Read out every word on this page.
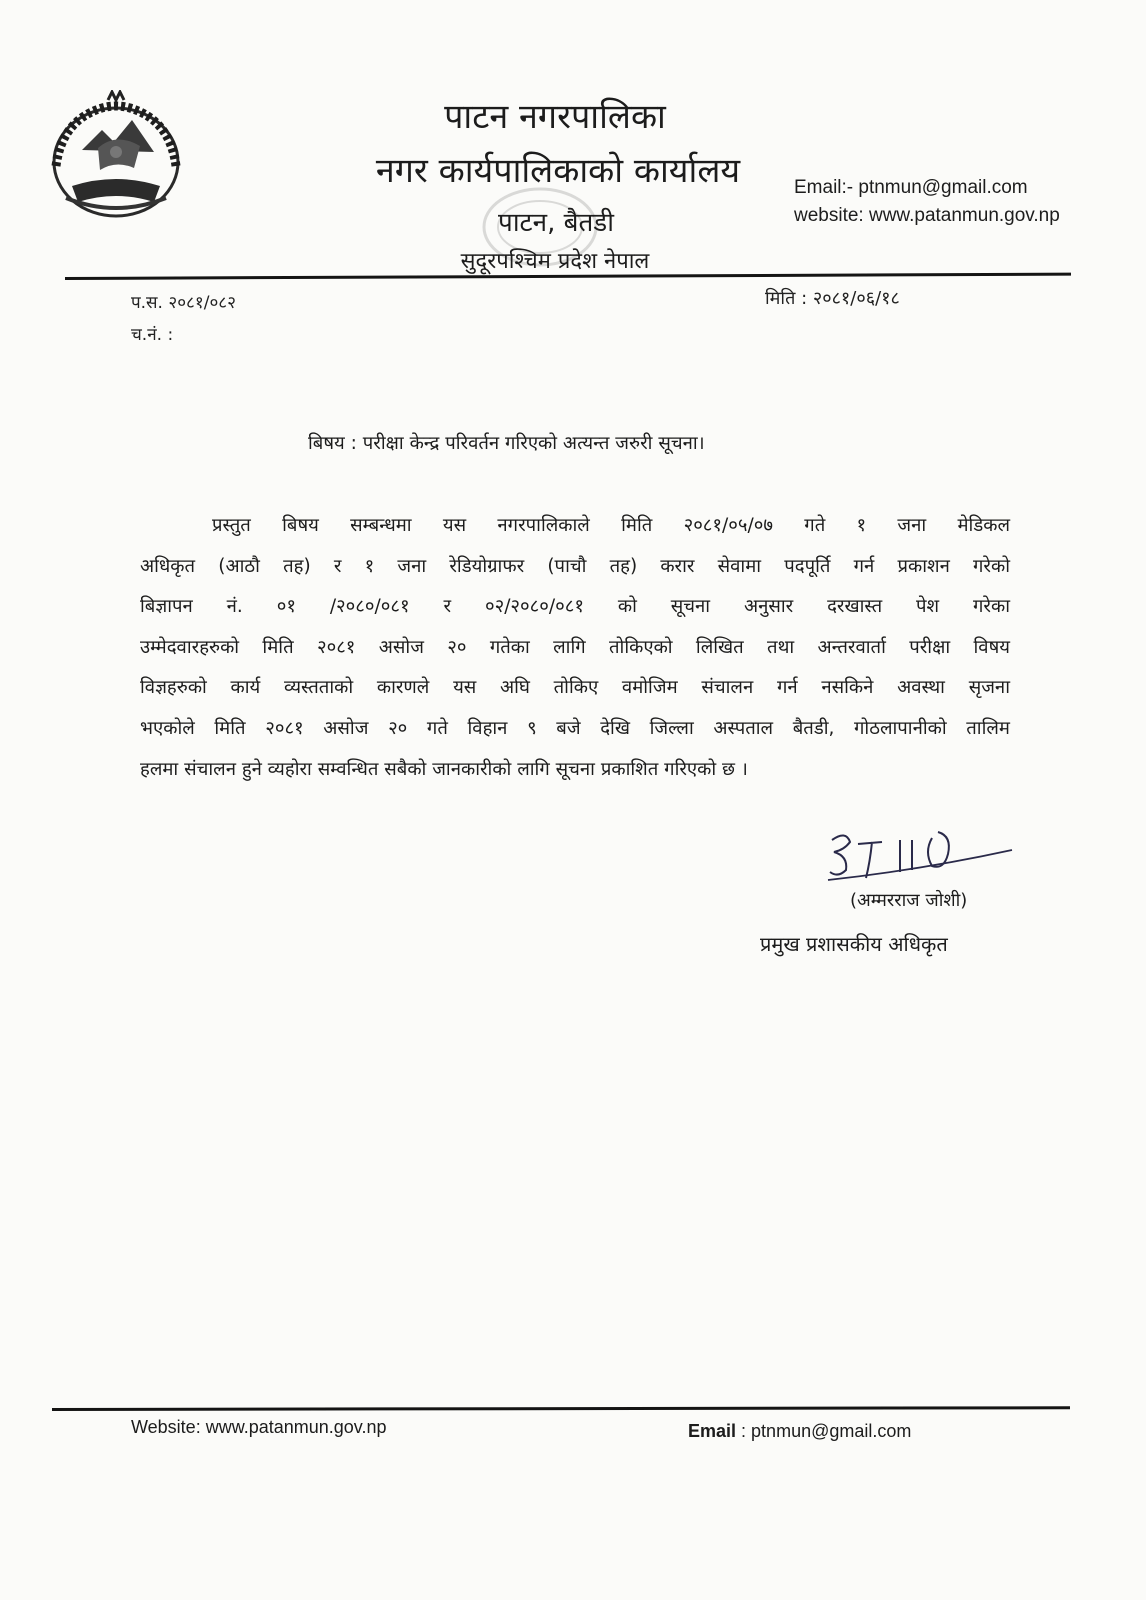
पाटन नगरपालिका
नगर कार्यपालिकाको कार्यालय
पाटन, बैतडी
सुदूरपश्चिम प्रदेश नेपाल
Email:- ptnmun@gmail.com
website: www.patanmun.gov.np
प.स. २०८१/०८२
च.नं. :
मिति : २०८१/०६/१८
बिषय : परीक्षा केन्द्र परिवर्तन गरिएको अत्यन्त जरुरी सूचना।
प्रस्तुत बिषय सम्बन्धमा यस नगरपालिकाले मिति २०८१/०५/०७ गते १ जना मेडिकल
अधिकृत (आठौ तह) र १ जना रेडियोग्राफर (पाचौ तह) करार सेवामा पदपूर्ति गर्न प्रकाशन गरेको
बिज्ञापन नं. ०१ /२०८०/०८१ र ०२/२०८०/०८१ को सूचना अनुसार दरखास्त पेश गरेका
उम्मेदवारहरुको मिति २०८१ असोज २० गतेका लागि तोकिएको लिखित तथा अन्तरवार्ता परीक्षा विषय
विज्ञहरुको कार्य व्यस्तताको कारणले यस अघि तोकिए वमोजिम संचालन गर्न नसकिने अवस्था सृजना
भएकोले मिति २०८१ असोज २० गते विहान ९ बजे देखि जिल्ला अस्पताल बैतडी, गोठलापानीको तालिम
हलमा संचालन हुने व्यहोरा सम्वन्धित सबैको जानकारीको लागि सूचना प्रकाशित गरिएको छ ।
(अम्मरराज जोशी)
प्रमुख प्रशासकीय अधिकृत
Website: www.patanmun.gov.np	Email : ptnmun@gmail.com
